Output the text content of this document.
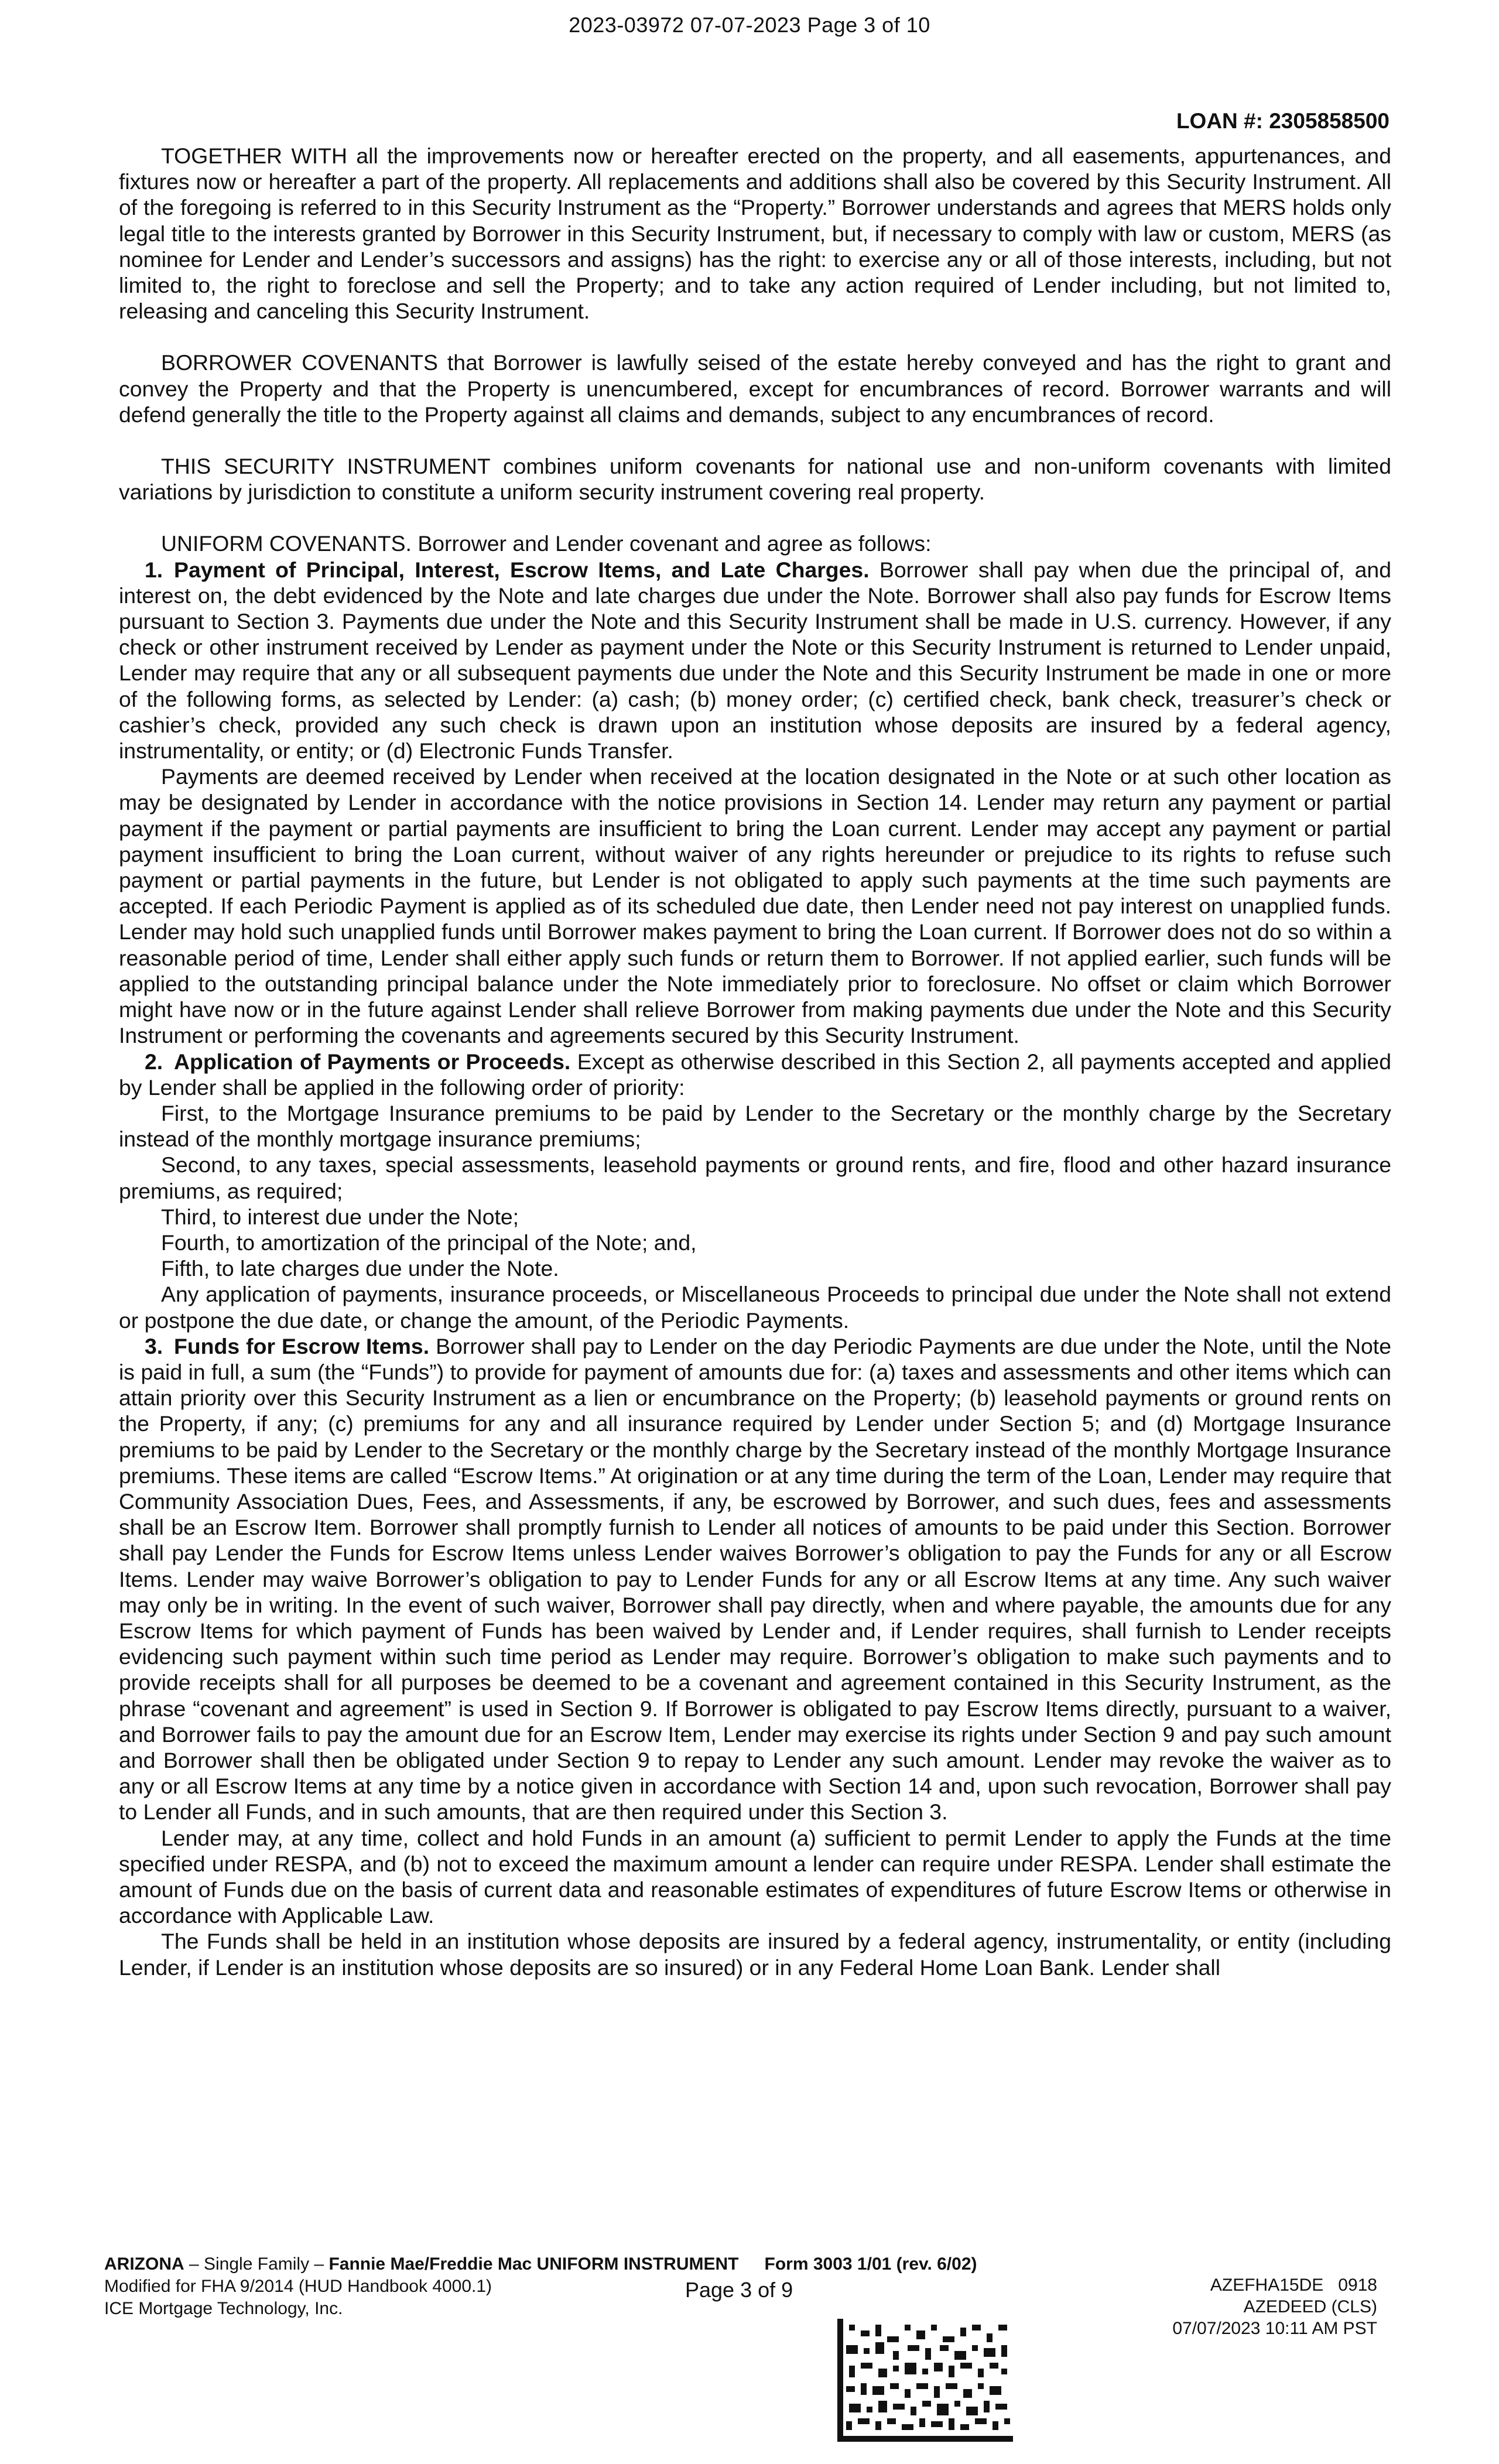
2023-03972 07-07-2023 Page 3 of 10
LOAN #: 2305858500

TOGETHER WITH all the improvements now or hereafter erected on the property, and all easements, appurtenances, and fixtures now or hereafter a part of the property. All replacements and additions shall also be covered by this Security Instrument. All of the foregoing is referred to in this Security Instrument as the “Property.” Borrower understands and agrees that MERS holds only legal title to the interests granted by Borrower in this Security Instrument, but, if necessary to comply with law or custom, MERS (as nominee for Lender and Lender’s successors and assigns) has the right: to exercise any or all of those interests, including, but not limited to, the right to foreclose and sell the Property; and to take any action required of Lender including, but not limited to, releasing and canceling this Security Instrument.

BORROWER COVENANTS that Borrower is lawfully seised of the estate hereby conveyed and has the right to grant and convey the Property and that the Property is unencumbered, except for encumbrances of record. Borrower warrants and will defend generally the title to the Property against all claims and demands, subject to any encumbrances of record.

THIS SECURITY INSTRUMENT combines uniform covenants for national use and non-uniform covenants with limited variations by jurisdiction to constitute a uniform security instrument covering real property.

UNIFORM COVENANTS. Borrower and Lender covenant and agree as follows:

1. Payment of Principal, Interest, Escrow Items, and Late Charges. Borrower shall pay when due the principal of, and interest on, the debt evidenced by the Note and late charges due under the Note. Borrower shall also pay funds for Escrow Items pursuant to Section 3. Payments due under the Note and this Security Instrument shall be made in U.S. currency. However, if any check or other instrument received by Lender as payment under the Note or this Security Instrument is returned to Lender unpaid, Lender may require that any or all subsequent payments due under the Note and this Security Instrument be made in one or more of the following forms, as selected by Lender: (a) cash; (b) money order; (c) certified check, bank check, treasurer’s check or cashier’s check, provided any such check is drawn upon an institution whose deposits are insured by a federal agency, instrumentality, or entity; or (d) Electronic Funds Transfer.

Payments are deemed received by Lender when received at the location designated in the Note or at such other location as may be designated by Lender in accordance with the notice provisions in Section 14. Lender may return any payment or partial payment if the payment or partial payments are insufficient to bring the Loan current. Lender may accept any payment or partial payment insufficient to bring the Loan current, without waiver of any rights hereunder or prejudice to its rights to refuse such payment or partial payments in the future, but Lender is not obligated to apply such payments at the time such payments are accepted. If each Periodic Payment is applied as of its scheduled due date, then Lender need not pay interest on unapplied funds. Lender may hold such unapplied funds until Borrower makes payment to bring the Loan current. If Borrower does not do so within a reasonable period of time, Lender shall either apply such funds or return them to Borrower. If not applied earlier, such funds will be applied to the outstanding principal balance under the Note immediately prior to foreclosure. No offset or claim which Borrower might have now or in the future against Lender shall relieve Borrower from making payments due under the Note and this Security Instrument or performing the covenants and agreements secured by this Security Instrument.

2. Application of Payments or Proceeds. Except as otherwise described in this Section 2, all payments accepted and applied by Lender shall be applied in the following order of priority:

First, to the Mortgage Insurance premiums to be paid by Lender to the Secretary or the monthly charge by the Secretary instead of the monthly mortgage insurance premiums;

Second, to any taxes, special assessments, leasehold payments or ground rents, and fire, flood and other hazard insurance premiums, as required;

Third, to interest due under the Note;

Fourth, to amortization of the principal of the Note; and,

Fifth, to late charges due under the Note.

Any application of payments, insurance proceeds, or Miscellaneous Proceeds to principal due under the Note shall not extend or postpone the due date, or change the amount, of the Periodic Payments.

3. Funds for Escrow Items. Borrower shall pay to Lender on the day Periodic Payments are due under the Note, until the Note is paid in full, a sum (the “Funds”) to provide for payment of amounts due for: (a) taxes and assessments and other items which can attain priority over this Security Instrument as a lien or encumbrance on the Property; (b) leasehold payments or ground rents on the Property, if any; (c) premiums for any and all insurance required by Lender under Section 5; and (d) Mortgage Insurance premiums to be paid by Lender to the Secretary or the monthly charge by the Secretary instead of the monthly Mortgage Insurance premiums. These items are called “Escrow Items.” At origination or at any time during the term of the Loan, Lender may require that Community Association Dues, Fees, and Assessments, if any, be escrowed by Borrower, and such dues, fees and assessments shall be an Escrow Item. Borrower shall promptly furnish to Lender all notices of amounts to be paid under this Section. Borrower shall pay Lender the Funds for Escrow Items unless Lender waives Borrower’s obligation to pay the Funds for any or all Escrow Items. Lender may waive Borrower’s obligation to pay to Lender Funds for any or all Escrow Items at any time. Any such waiver may only be in writing. In the event of such waiver, Borrower shall pay directly, when and where payable, the amounts due for any Escrow Items for which payment of Funds has been waived by Lender and, if Lender requires, shall furnish to Lender receipts evidencing such payment within such time period as Lender may require. Borrower’s obligation to make such payments and to provide receipts shall for all purposes be deemed to be a covenant and agreement contained in this Security Instrument, as the phrase “covenant and agreement” is used in Section 9. If Borrower is obligated to pay Escrow Items directly, pursuant to a waiver, and Borrower fails to pay the amount due for an Escrow Item, Lender may exercise its rights under Section 9 and pay such amount and Borrower shall then be obligated under Section 9 to repay to Lender any such amount. Lender may revoke the waiver as to any or all Escrow Items at any time by a notice given in accordance with Section 14 and, upon such revocation, Borrower shall pay to Lender all Funds, and in such amounts, that are then required under this Section 3.

Lender may, at any time, collect and hold Funds in an amount (a) sufficient to permit Lender to apply the Funds at the time specified under RESPA, and (b) not to exceed the maximum amount a lender can require under RESPA. Lender shall estimate the amount of Funds due on the basis of current data and reasonable estimates of expenditures of future Escrow Items or otherwise in accordance with Applicable Law.

The Funds shall be held in an institution whose deposits are insured by a federal agency, instrumentality, or entity (including Lender, if Lender is an institution whose deposits are so insured) or in any Federal Home Loan Bank. Lender shall

ARIZONA – Single Family – Fannie Mae/Freddie Mac UNIFORM INSTRUMENT Form 3003 1/01 (rev. 6/02)
Modified for FHA 9/2014 (HUD Handbook 4000.1)
ICE Mortgage Technology, Inc.
Page 3 of 9	AZEFHA15DE   0918
AZEDEED (CLS)
07/07/2023 10:11 AM PST
